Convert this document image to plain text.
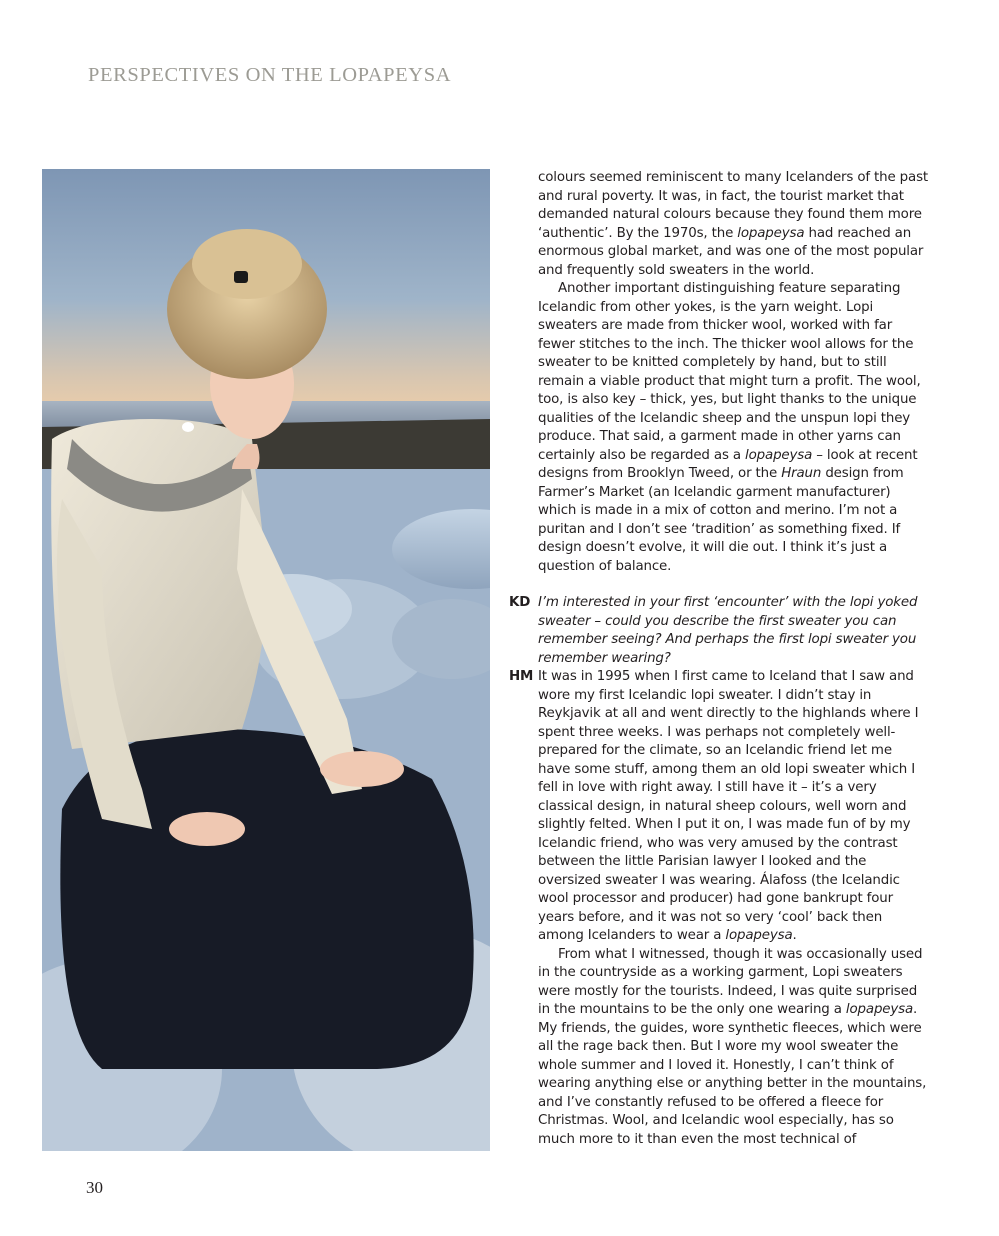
PERSPECTIVES ON THE LOPAPEYSA

colours seemed reminiscent to many Icelanders of the past and rural poverty. It was, in fact, the tourist market that demanded natural colours because they found them more ‘authentic’. By the 1970s, the lopapeysa had reached an enormous global market, and was one of the most popular and frequently sold sweaters in the world.

Another important distinguishing feature separating Icelandic from other yokes, is the yarn weight. Lopi sweaters are made from thicker wool, worked with far fewer stitches to the inch. The thicker wool allows for the sweater to be knitted completely by hand, but to still remain a viable product that might turn a profit. The wool, too, is also key – thick, yes, but light thanks to the unique qualities of the Icelandic sheep and the unspun lopi they produce. That said, a garment made in other yarns can certainly also be regarded as a lopapeysa – look at recent designs from Brooklyn Tweed, or the Hraun design from Farmer’s Market (an Icelandic garment manufacturer) which is made in a mix of cotton and merino. I’m not a puritan and I don’t see ‘tradition’ as something fixed. If design doesn’t evolve, it will die out. I think it’s just a question of balance.

KD I’m interested in your first ‘encounter’ with the lopi yoked sweater – could you describe the first sweater you can remember seeing? And perhaps the first lopi sweater you remember wearing?

HM It was in 1995 when I first came to Iceland that I saw and wore my first Icelandic lopi sweater. I didn’t stay in Reykjavik at all and went directly to the highlands where I spent three weeks. I was perhaps not completely well-prepared for the climate, so an Icelandic friend let me have some stuff, among them an old lopi sweater which I fell in love with right away. I still have it – it’s a very classical design, in natural sheep colours, well worn and slightly felted. When I put it on, I was made fun of by my Icelandic friend, who was very amused by the contrast between the little Parisian lawyer I looked and the oversized sweater I was wearing. Álafoss (the Icelandic wool processor and producer) had gone bankrupt four years before, and it was not so very ‘cool’ back then among Icelanders to wear a lopapeysa.

From what I witnessed, though it was occasionally used in the countryside as a working garment, Lopi sweaters were mostly for the tourists. Indeed, I was quite surprised in the mountains to be the only one wearing a lopapeysa. My friends, the guides, wore synthetic fleeces, which were all the rage back then. But I wore my wool sweater the whole summer and I loved it. Honestly, I can’t think of wearing anything else or anything better in the mountains, and I’ve constantly refused to be offered a fleece for Christmas. Wool, and Icelandic wool especially, has so much more to it than even the most technical of

30
